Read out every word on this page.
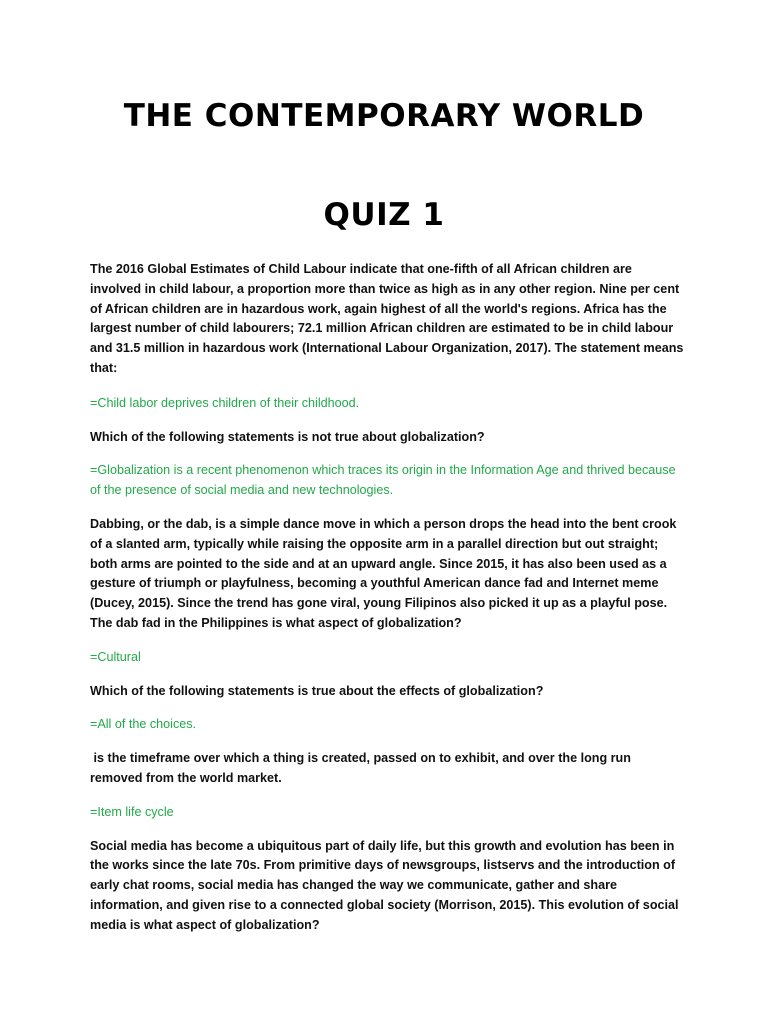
THE CONTEMPORARY WORLD
QUIZ 1

The 2016 Global Estimates of Child Labour indicate that one-fifth of all African children are involved in child labour, a proportion more than twice as high as in any other region. Nine per cent of African children are in hazardous work, again highest of all the world's regions. Africa has the largest number of child labourers; 72.1 million African children are estimated to be in child labour and 31.5 million in hazardous work (International Labour Organization, 2017). The statement means that:

=Child labor deprives children of their childhood.

Which of the following statements is not true about globalization?

=Globalization is a recent phenomenon which traces its origin in the Information Age and thrived because of the presence of social media and new technologies.

Dabbing, or the dab, is a simple dance move in which a person drops the head into the bent crook of a slanted arm, typically while raising the opposite arm in a parallel direction but out straight; both arms are pointed to the side and at an upward angle. Since 2015, it has also been used as a gesture of triumph or playfulness, becoming a youthful American dance fad and Internet meme (Ducey, 2015). Since the trend has gone viral, young Filipinos also picked it up as a playful pose. The dab fad in the Philippines is what aspect of globalization?

=Cultural

Which of the following statements is true about the effects of globalization?

=All of the choices.

is the timeframe over which a thing is created, passed on to exhibit, and over the long run removed from the world market.

=Item life cycle

Social media has become a ubiquitous part of daily life, but this growth and evolution has been in the works since the late 70s. From primitive days of newsgroups, listservs and the introduction of early chat rooms, social media has changed the way we communicate, gather and share information, and given rise to a connected global society (Morrison, 2015). This evolution of social media is what aspect of globalization?
